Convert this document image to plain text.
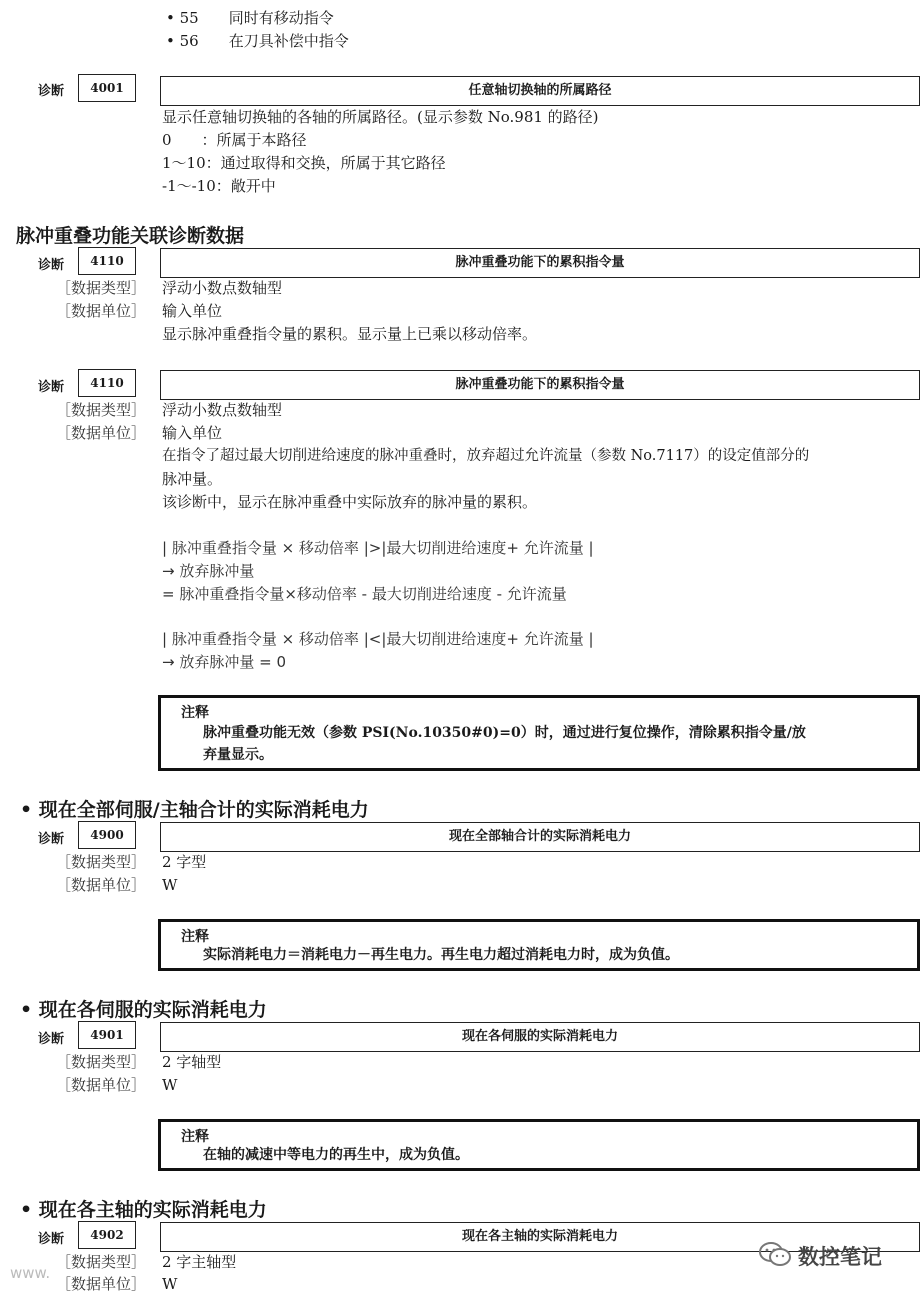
• 55 同时有移动指令
• 56 在刀具补偿中指令
诊断	4001	任意轴切换轴的所属路径
显示任意轴切换轴的各轴的所属路径。(显示参数 No.981 的路径)
0　　：所属于本路径
1～10：通过取得和交换，所属于其它路径
-1～-10：敞开中
脉冲重叠功能关联诊断数据
诊断	4110	脉冲重叠功能下的累积指令量
［数据类型］ 浮动小数点数轴型
［数据单位］ 输入单位
显示脉冲重叠指令量的累积。显示量上已乘以移动倍率。
诊断	4110	脉冲重叠功能下的累积指令量
［数据类型］ 浮动小数点数轴型
［数据单位］ 输入单位
在指令了超过最大切削进给速度的脉冲重叠时，放弃超过允许流量（参数 No.7117）的设定值部分的
脉冲量。
该诊断中，显示在脉冲重叠中实际放弃的脉冲量的累积。
| 脉冲重叠指令量 × 移动倍率 |>|最大切削进给速度+ 允许流量 |
→ 放弃脉冲量
= 脉冲重叠指令量×移动倍率 - 最大切削进给速度 - 允许流量
| 脉冲重叠指令量 × 移动倍率 |<|最大切削进给速度+ 允许流量 |
→ 放弃脉冲量 = 0
注释
脉冲重叠功能无效（参数 PSI(No.10350#0)=0）时，通过进行复位操作，清除累积指令量/放
弃量显示。
• 现在全部伺服/主轴合计的实际消耗电力
诊断	4900	现在全部轴合计的实际消耗电力
［数据类型］ 2 字型
［数据单位］ W
注释
实际消耗电力＝消耗电力－再生电力。再生电力超过消耗电力时，成为负值。
• 现在各伺服的实际消耗电力
诊断	4901	现在各伺服的实际消耗电力
［数据类型］ 2 字轴型
［数据单位］ W
注释
在轴的减速中等电力的再生中，成为负值。
• 现在各主轴的实际消耗电力
诊断	4902	现在各主轴的实际消耗电力
［数据类型］ 2 字主轴型
［数据单位］ W
www.
数控笔记
